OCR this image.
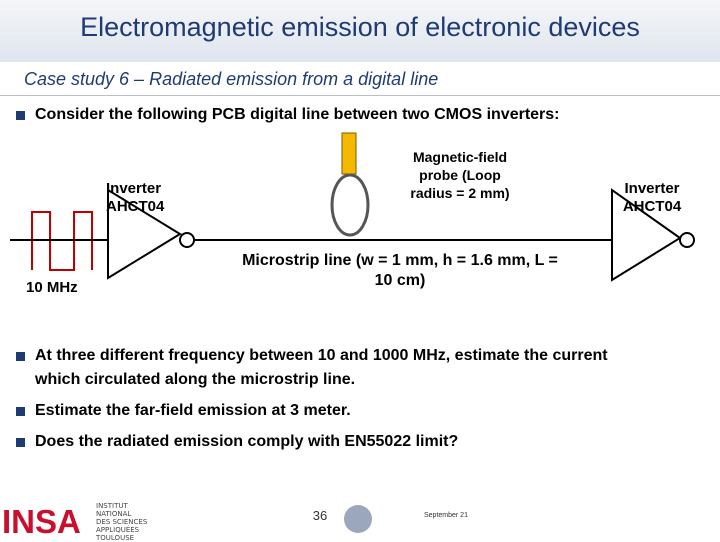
Electromagnetic emission of electronic devices
Case study 6 – Radiated emission from a digital line
Consider the following PCB digital line between two CMOS inverters:
Inverter
AHCT04
Inverter
AHCT04
Magnetic-field
probe (Loop
radius = 2 mm)
Microstrip line (w = 1 mm, h = 1.6 mm, L =
10 cm)
10 MHz
At three different frequency between 10 and 1000 MHz, estimate the current
which circulated along the microstrip line.
Estimate the far-field emission at 3 meter.
Does the radiated emission comply with EN55022 limit?
INSA INSTITUT NATIONAL
DES SCIENCES
APPLIQUÉES
TOULOUSE
36	September 21
